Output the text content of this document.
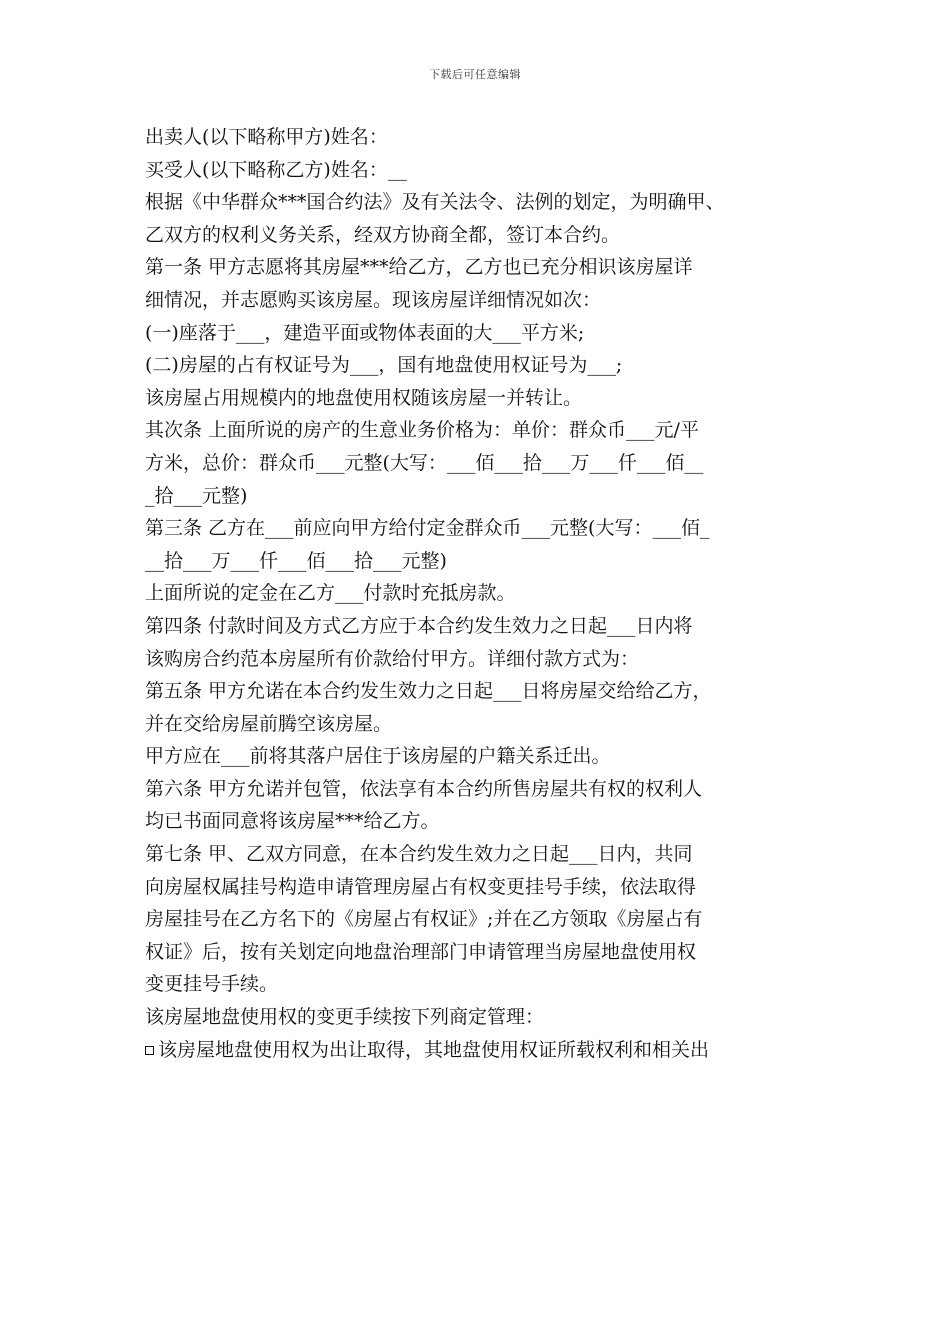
下载后可任意编辑
出卖人(以下略称甲方)姓名：
买受人(以下略称乙方)姓名：__
根据《中华群众***国合约法》及有关法令、法例的划定，为明确甲、
乙双方的权利义务关系，经双方协商全都，签订本合约。
第一条 甲方志愿将其房屋***给乙方，乙方也已充分相识该房屋详
细情况，并志愿购买该房屋。现该房屋详细情况如次：
(一)座落于___，建造平面或物体表面的大___平方米;
(二)房屋的占有权证号为___，国有地盘使用权证号为___;
该房屋占用规模内的地盘使用权随该房屋一并转让。
其次条 上面所说的房产的生意业务价格为：单价：群众币___元/平
方米，总价：群众币___元整(大写：___佰___拾___万___仟___佰__
_拾___元整)
第三条 乙方在___前应向甲方给付定金群众币___元整(大写：___佰_
__拾___万___仟___佰___拾___元整)
上面所说的定金在乙方___付款时充抵房款。
第四条 付款时间及方式乙方应于本合约发生效力之日起___日内将
该购房合约范本房屋所有价款给付甲方。详细付款方式为：
第五条 甲方允诺在本合约发生效力之日起___日将房屋交给给乙方，
并在交给房屋前腾空该房屋。
甲方应在___前将其落户居住于该房屋的户籍关系迁出。
第六条 甲方允诺并包管，依法享有本合约所售房屋共有权的权利人
均已书面同意将该房屋***给乙方。
第七条 甲、乙双方同意，在本合约发生效力之日起___日内，共同
向房屋权属挂号构造申请管理房屋占有权变更挂号手续，依法取得
房屋挂号在乙方名下的《房屋占有权证》;并在乙方领取《房屋占有
权证》后，按有关划定向地盘治理部门申请管理当房屋地盘使用权
变更挂号手续。
该房屋地盘使用权的变更手续按下列商定管理：
该房屋地盘使用权为出让取得，其地盘使用权证所载权利和相关出
